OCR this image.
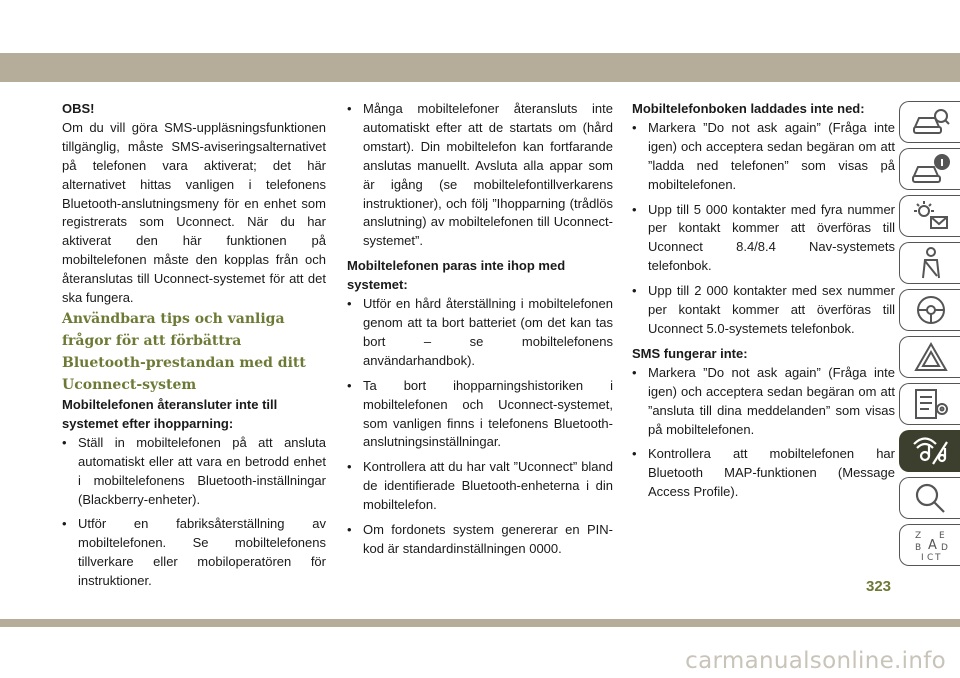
OBS!

Om du vill göra SMS-uppläsningsfunktionen tillgänglig, måste SMS-aviseringsalternativet på telefonen vara aktiverat; det här alternativet hittas vanligen i telefonens Bluetooth-anslutningsmeny för en enhet som registrerats som Uconnect. När du har aktiverat den här funktionen på mobiltelefonen måste den kopplas från och återanslutas till Uconnect-systemet för att det ska fungera.

Användbara tips och vanliga frågor för att förbättra Bluetooth-prestandan med ditt Uconnect-system

Mobiltelefonen återansluter inte till systemet efter ihopparning:

• Ställ in mobiltelefonen på att ansluta automatiskt eller att vara en betrodd enhet i mobiltelefonens Bluetooth-inställningar (Blackberry-enheter).
• Utför en fabriksåterställning av mobiltelefonen. Se mobiltelefonens tillverkare eller mobiloperatören för instruktioner.
• Många mobiltelefoner återansluts inte automatiskt efter att de startats om (hård omstart). Din mobiltelefon kan fortfarande anslutas manuellt. Avsluta alla appar som är igång (se mobiltelefontillverkarens instruktioner), och följ ”Ihopparning (trådlös anslutning) av mobiltelefonen till Uconnect-systemet”.

Mobiltelefonen paras inte ihop med systemet:

• Utför en hård återställning i mobiltelefonen genom att ta bort batteriet (om det kan tas bort – se mobiltelefonens användarhandbok).
• Ta bort ihopparningshistoriken i mobiltelefonen och Uconnect-systemet, som vanligen finns i telefonens Bluetooth-anslutningsinställningar.
• Kontrollera att du har valt ”Uconnect” bland de identifierade Bluetooth-enheterna i din mobiltelefon.
• Om fordonets system genererar en PIN-kod är standardinställningen 0000.

Mobiltelefonboken laddades inte ned:

• Markera ”Do not ask again” (Fråga inte igen) och acceptera sedan begäran om att ”ladda ned telefonen” som visas på mobiltelefonen.
• Upp till 5 000 kontakter med fyra nummer per kontakt kommer att överföras till Uconnect 8.4/8.4 Nav-systemets telefonbok.
• Upp till 2 000 kontakter med sex nummer per kontakt kommer att överföras till Uconnect 5.0-systemets telefonbok.

SMS fungerar inte:

• Markera ”Do not ask again” (Fråga inte igen) och acceptera sedan begäran om att ”ansluta till dina meddelanden” som visas på mobiltelefonen.
• Kontrollera att mobiltelefonen har Bluetooth MAP-funktionen (Message Access Profile).
Z E
B A D
I C T
323
carmanualsonline.info
